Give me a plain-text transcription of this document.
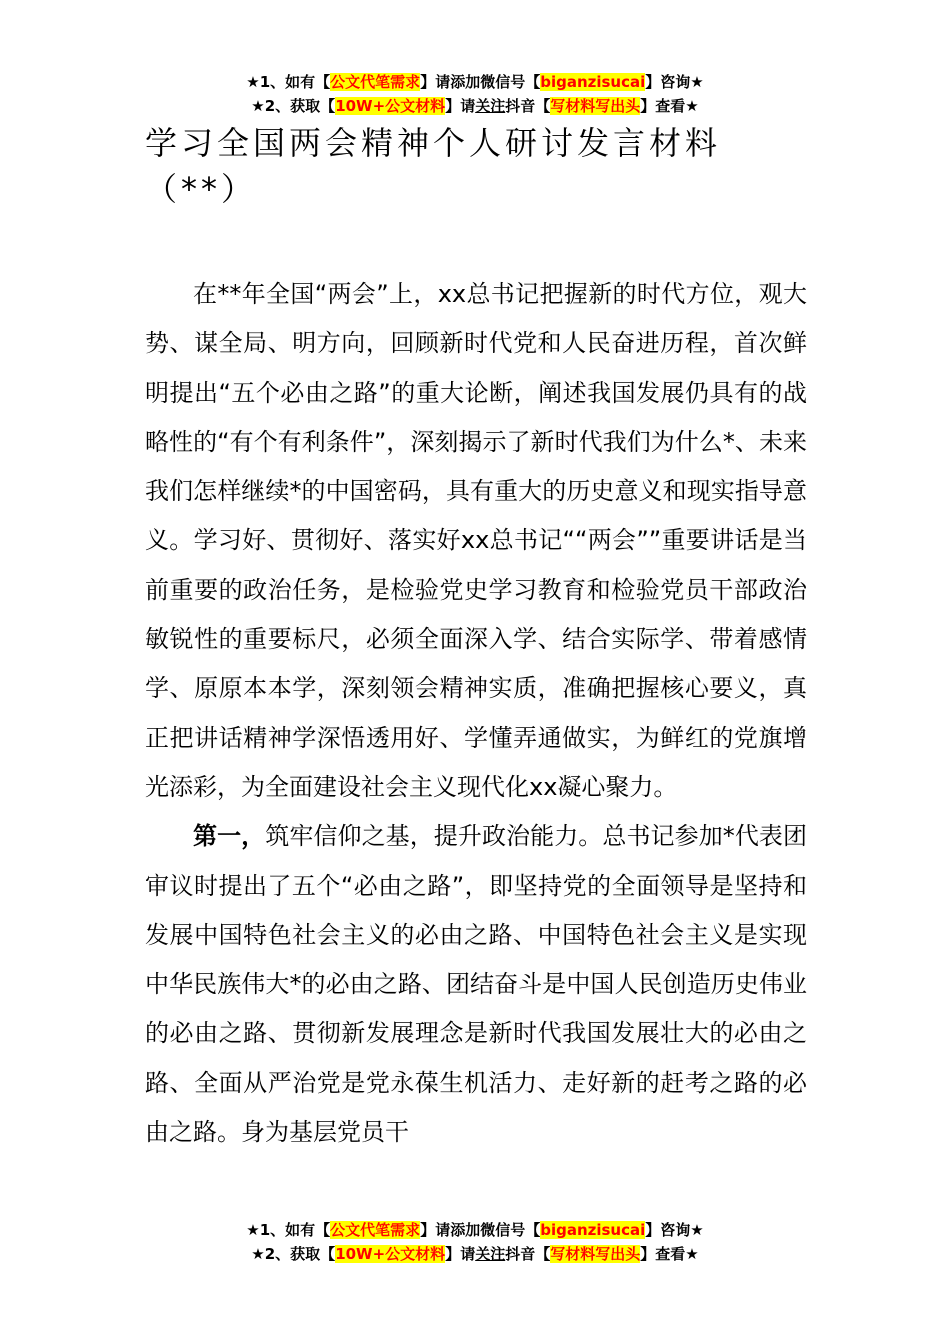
★1、如有【公文代笔需求】请添加微信号【biganzisucai】咨询★
★2、获取【10W+公文材料】请关注抖音【写材料写出头】查看★
学习全国两会精神个人研讨发言材料（**）

在**年全国“两会”上，xx总书记把握新的时代方位，观大势、谋全局、明方向，回顾新时代党和人民奋进历程，首次鲜明提出“五个必由之路”的重大论断，阐述我国发展仍具有的战略性的“有个有利条件”，深刻揭示了新时代我们为什么*、未来我们怎样继续*的中国密码，具有重大的历史意义和现实指导意义。学习好、贯彻好、落实好xx总书记““两会””重要讲话是当前重要的政治任务，是检验党史学习教育和检验党员干部政治敏锐性的重要标尺，必须全面深入学、结合实际学、带着感情学、原原本本学，深刻领会精神实质，准确把握核心要义，真正把讲话精神学深悟透用好、学懂弄通做实，为鲜红的党旗增光添彩，为全面建设社会主义现代化xx凝心聚力。

第一，筑牢信仰之基，提升政治能力。总书记参加*代表团审议时提出了五个“必由之路”，即坚持党的全面领导是坚持和发展中国特色社会主义的必由之路、中国特色社会主义是实现中华民族伟大*的必由之路、团结奋斗是中国人民创造历史伟业的必由之路、贯彻新发展理念是新时代我国发展壮大的必由之路、全面从严治党是党永葆生机活力、走好新的赶考之路的必由之路。身为基层党员干

★1、如有【公文代笔需求】请添加微信号【biganzisucai】咨询★
★2、获取【10W+公文材料】请关注抖音【写材料写出头】查看★
